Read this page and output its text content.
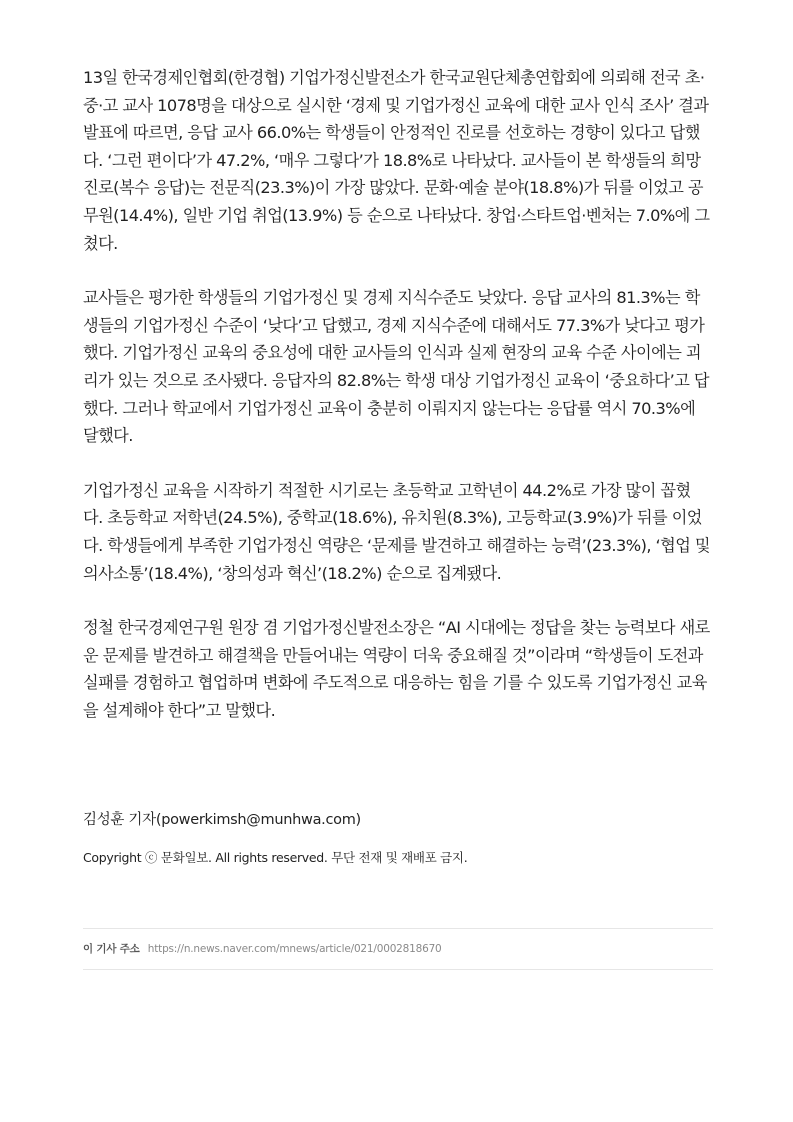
13일 한국경제인협회(한경협) 기업가정신발전소가 한국교원단체총연합회에 의뢰해 전국 초·중·고 교사 1078명을 대상으로 실시한 ‘경제 및 기업가정신 교육에 대한 교사 인식 조사’ 결과 발표에 따르면, 응답 교사 66.0%는 학생들이 안정적인 진로를 선호하는 경향이 있다고 답했다. ‘그런 편이다’가 47.2%, ‘매우 그렇다’가 18.8%로 나타났다. 교사들이 본 학생들의 희망 진로(복수 응답)는 전문직(23.3%)이 가장 많았다. 문화·예술 분야(18.8%)가 뒤를 이었고 공무원(14.4%), 일반 기업 취업(13.9%) 등 순으로 나타났다. 창업·스타트업·벤처는 7.0%에 그쳤다.

교사들은 평가한 학생들의 기업가정신 및 경제 지식수준도 낮았다. 응답 교사의 81.3%는 학생들의 기업가정신 수준이 ‘낮다’고 답했고, 경제 지식수준에 대해서도 77.3%가 낮다고 평가했다. 기업가정신 교육의 중요성에 대한 교사들의 인식과 실제 현장의 교육 수준 사이에는 괴리가 있는 것으로 조사됐다. 응답자의 82.8%는 학생 대상 기업가정신 교육이 ‘중요하다’고 답했다. 그러나 학교에서 기업가정신 교육이 충분히 이뤄지지 않는다는 응답률 역시 70.3%에 달했다.

기업가정신 교육을 시작하기 적절한 시기로는 초등학교 고학년이 44.2%로 가장 많이 꼽혔다. 초등학교 저학년(24.5%), 중학교(18.6%), 유치원(8.3%), 고등학교(3.9%)가 뒤를 이었다. 학생들에게 부족한 기업가정신 역량은 ‘문제를 발견하고 해결하는 능력’(23.3%), ‘협업 및 의사소통’(18.4%), ‘창의성과 혁신’(18.2%) 순으로 집계됐다.

정철 한국경제연구원 원장 겸 기업가정신발전소장은 “AI 시대에는 정답을 찾는 능력보다 새로운 문제를 발견하고 해결책을 만들어내는 역량이 더욱 중요해질 것”이라며 “학생들이 도전과 실패를 경험하고 협업하며 변화에 주도적으로 대응하는 힘을 기를 수 있도록 기업가정신 교육을 설계해야 한다”고 말했다.

김성훈 기자(powerkimsh@munhwa.com)
Copyright ⓒ 문화일보. All rights reserved. 무단 전재 및 재배포 금지.
이 기사 주소 https://n.news.naver.com/mnews/article/021/0002818670
